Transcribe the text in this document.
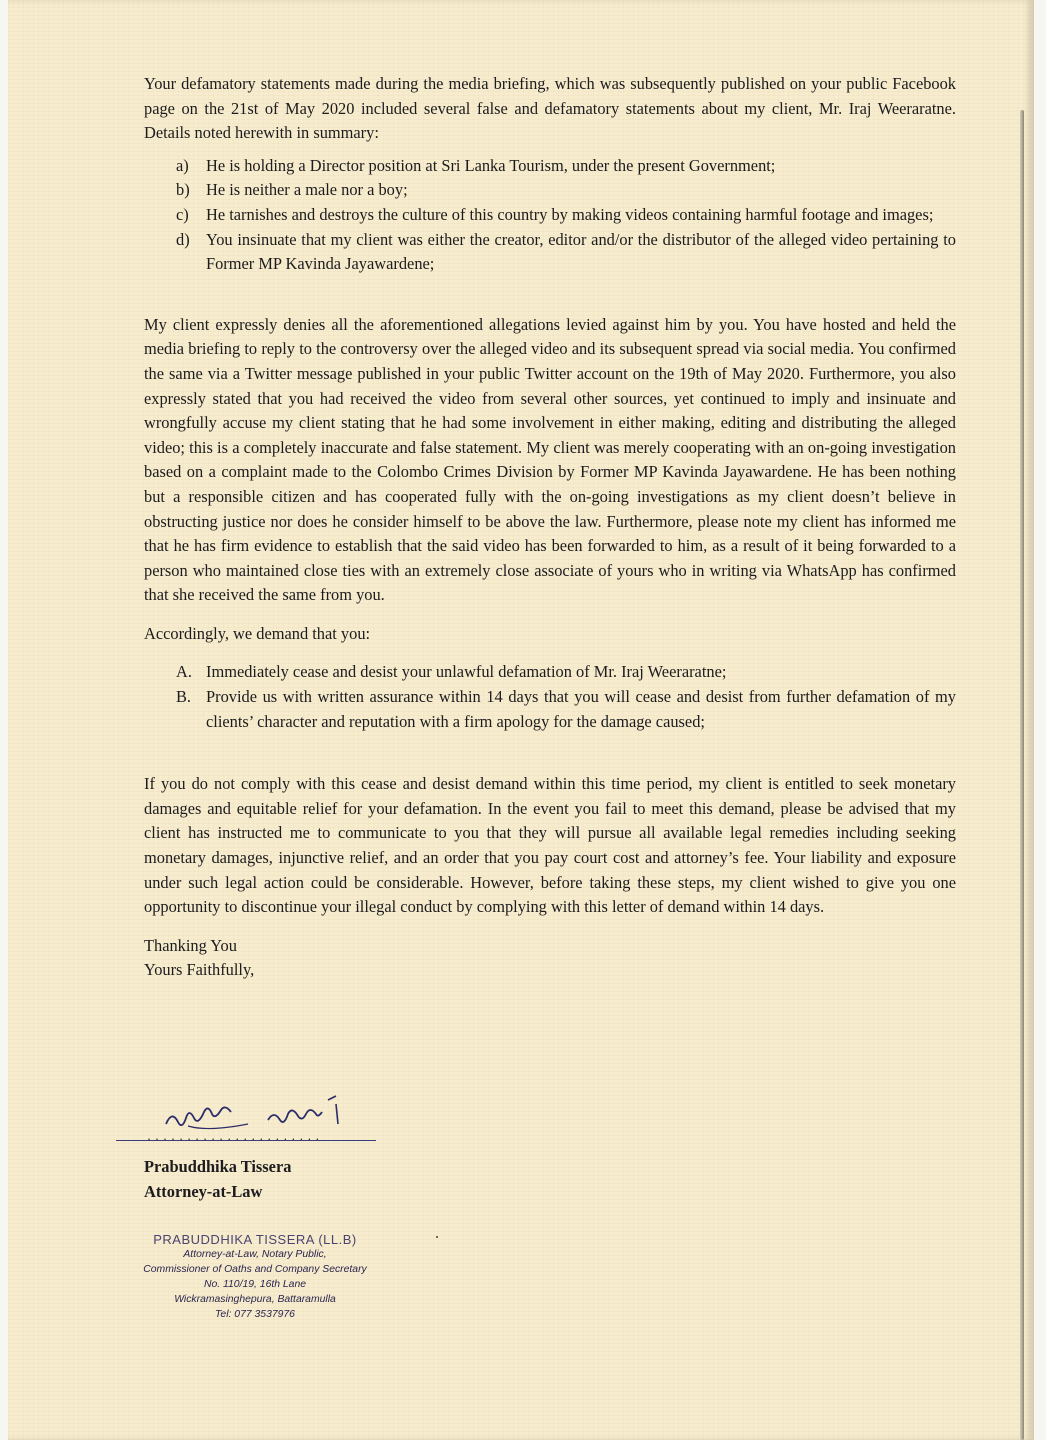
Your defamatory statements made during the media briefing, which was subsequently published on your public Facebook page on the 21st of May 2020 included several false and defamatory statements about my client, Mr. Iraj Weeraratne. Details noted herewith in summary:

a)	He is holding a Director position at Sri Lanka Tourism, under the present Government;
b) He is neither a male nor a boy;
c)	He tarnishes and destroys the culture of this country by making videos containing harmful footage and images;
d) You insinuate that my client was either the creator, editor and/or the distributor of the alleged video pertaining to Former MP Kavinda Jayawardene;

My client expressly denies all the aforementioned allegations levied against him by you. You have hosted and held the media briefing to reply to the controversy over the alleged video and its subsequent spread via social media. You confirmed the same via a Twitter message published in your public Twitter account on the 19th of May 2020. Furthermore, you also expressly stated that you had received the video from several other sources, yet continued to imply and insinuate and wrongfully accuse my client stating that he had some involvement in either making, editing and distributing the alleged video; this is a completely inaccurate and false statement. My client was merely cooperating with an on-going investigation based on a complaint made to the Colombo Crimes Division by Former MP Kavinda Jayawardene. He has been nothing but a responsible citizen and has cooperated fully with the on-going investigations as my client doesn’t believe in obstructing justice nor does he consider himself to be above the law. Furthermore, please note my client has informed me that he has firm evidence to establish that the said video has been forwarded to him, as a result of it being forwarded to a person who maintained close ties with an extremely close associate of yours who in writing via WhatsApp has confirmed that she received the same from you.

Accordingly, we demand that you:

A. Immediately cease and desist your unlawful defamation of Mr. Iraj Weeraratne;
B. Provide us with written assurance within 14 days that you will cease and desist from further defamation of my clients’ character and reputation with a firm apology for the damage caused;

If you do not comply with this cease and desist demand within this time period, my client is entitled to seek monetary damages and equitable relief for your defamation. In the event you fail to meet this demand, please be advised that my client has instructed me to communicate to you that they will pursue all available legal remedies including seeking monetary damages, injunctive relief, and an order that you pay court cost and attorney’s fee. Your liability and exposure under such legal action could be considerable. However, before taking these steps, my client wished to give you one opportunity to discontinue your illegal conduct by complying with this letter of demand within 14 days.

Thanking You

Yours Faithfully,

......................
Prabuddhika Tissera
Attorney-at-Law
PRABUDDHIKA TISSERA (LL.B)
Attorney-at-Law, Notary Public,
Commissioner of Oaths and Company Secretary
No. 110/19, 16th Lane
Wickramasinghepura, Battaramulla
Tel: 077 3537976
